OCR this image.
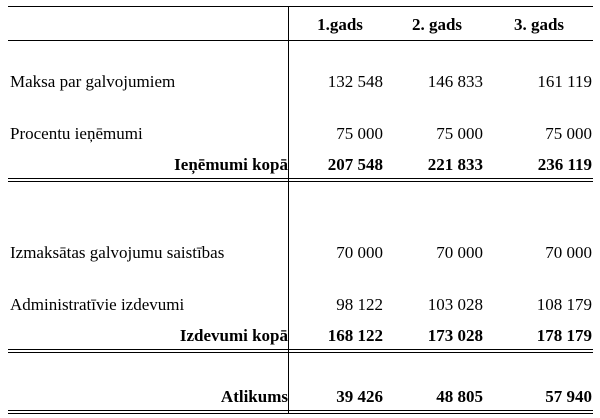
1.gads	2. gads	3. gads
Maksa par galvojumiem	132 548	146 833	161 119
Procentu ieņēmumi	75 000	75 000	75 000
Ieņēmumi kopā 207 548	221 833	236 119
Izmaksātas galvojumu saistības	70 000	70 000	70 000
Administratīvie izdevumi	98 122	103 028	108 179
Izdevumi kopā 168 122	173 028	178 179
Atlikums	39 426	48 805	57 940
